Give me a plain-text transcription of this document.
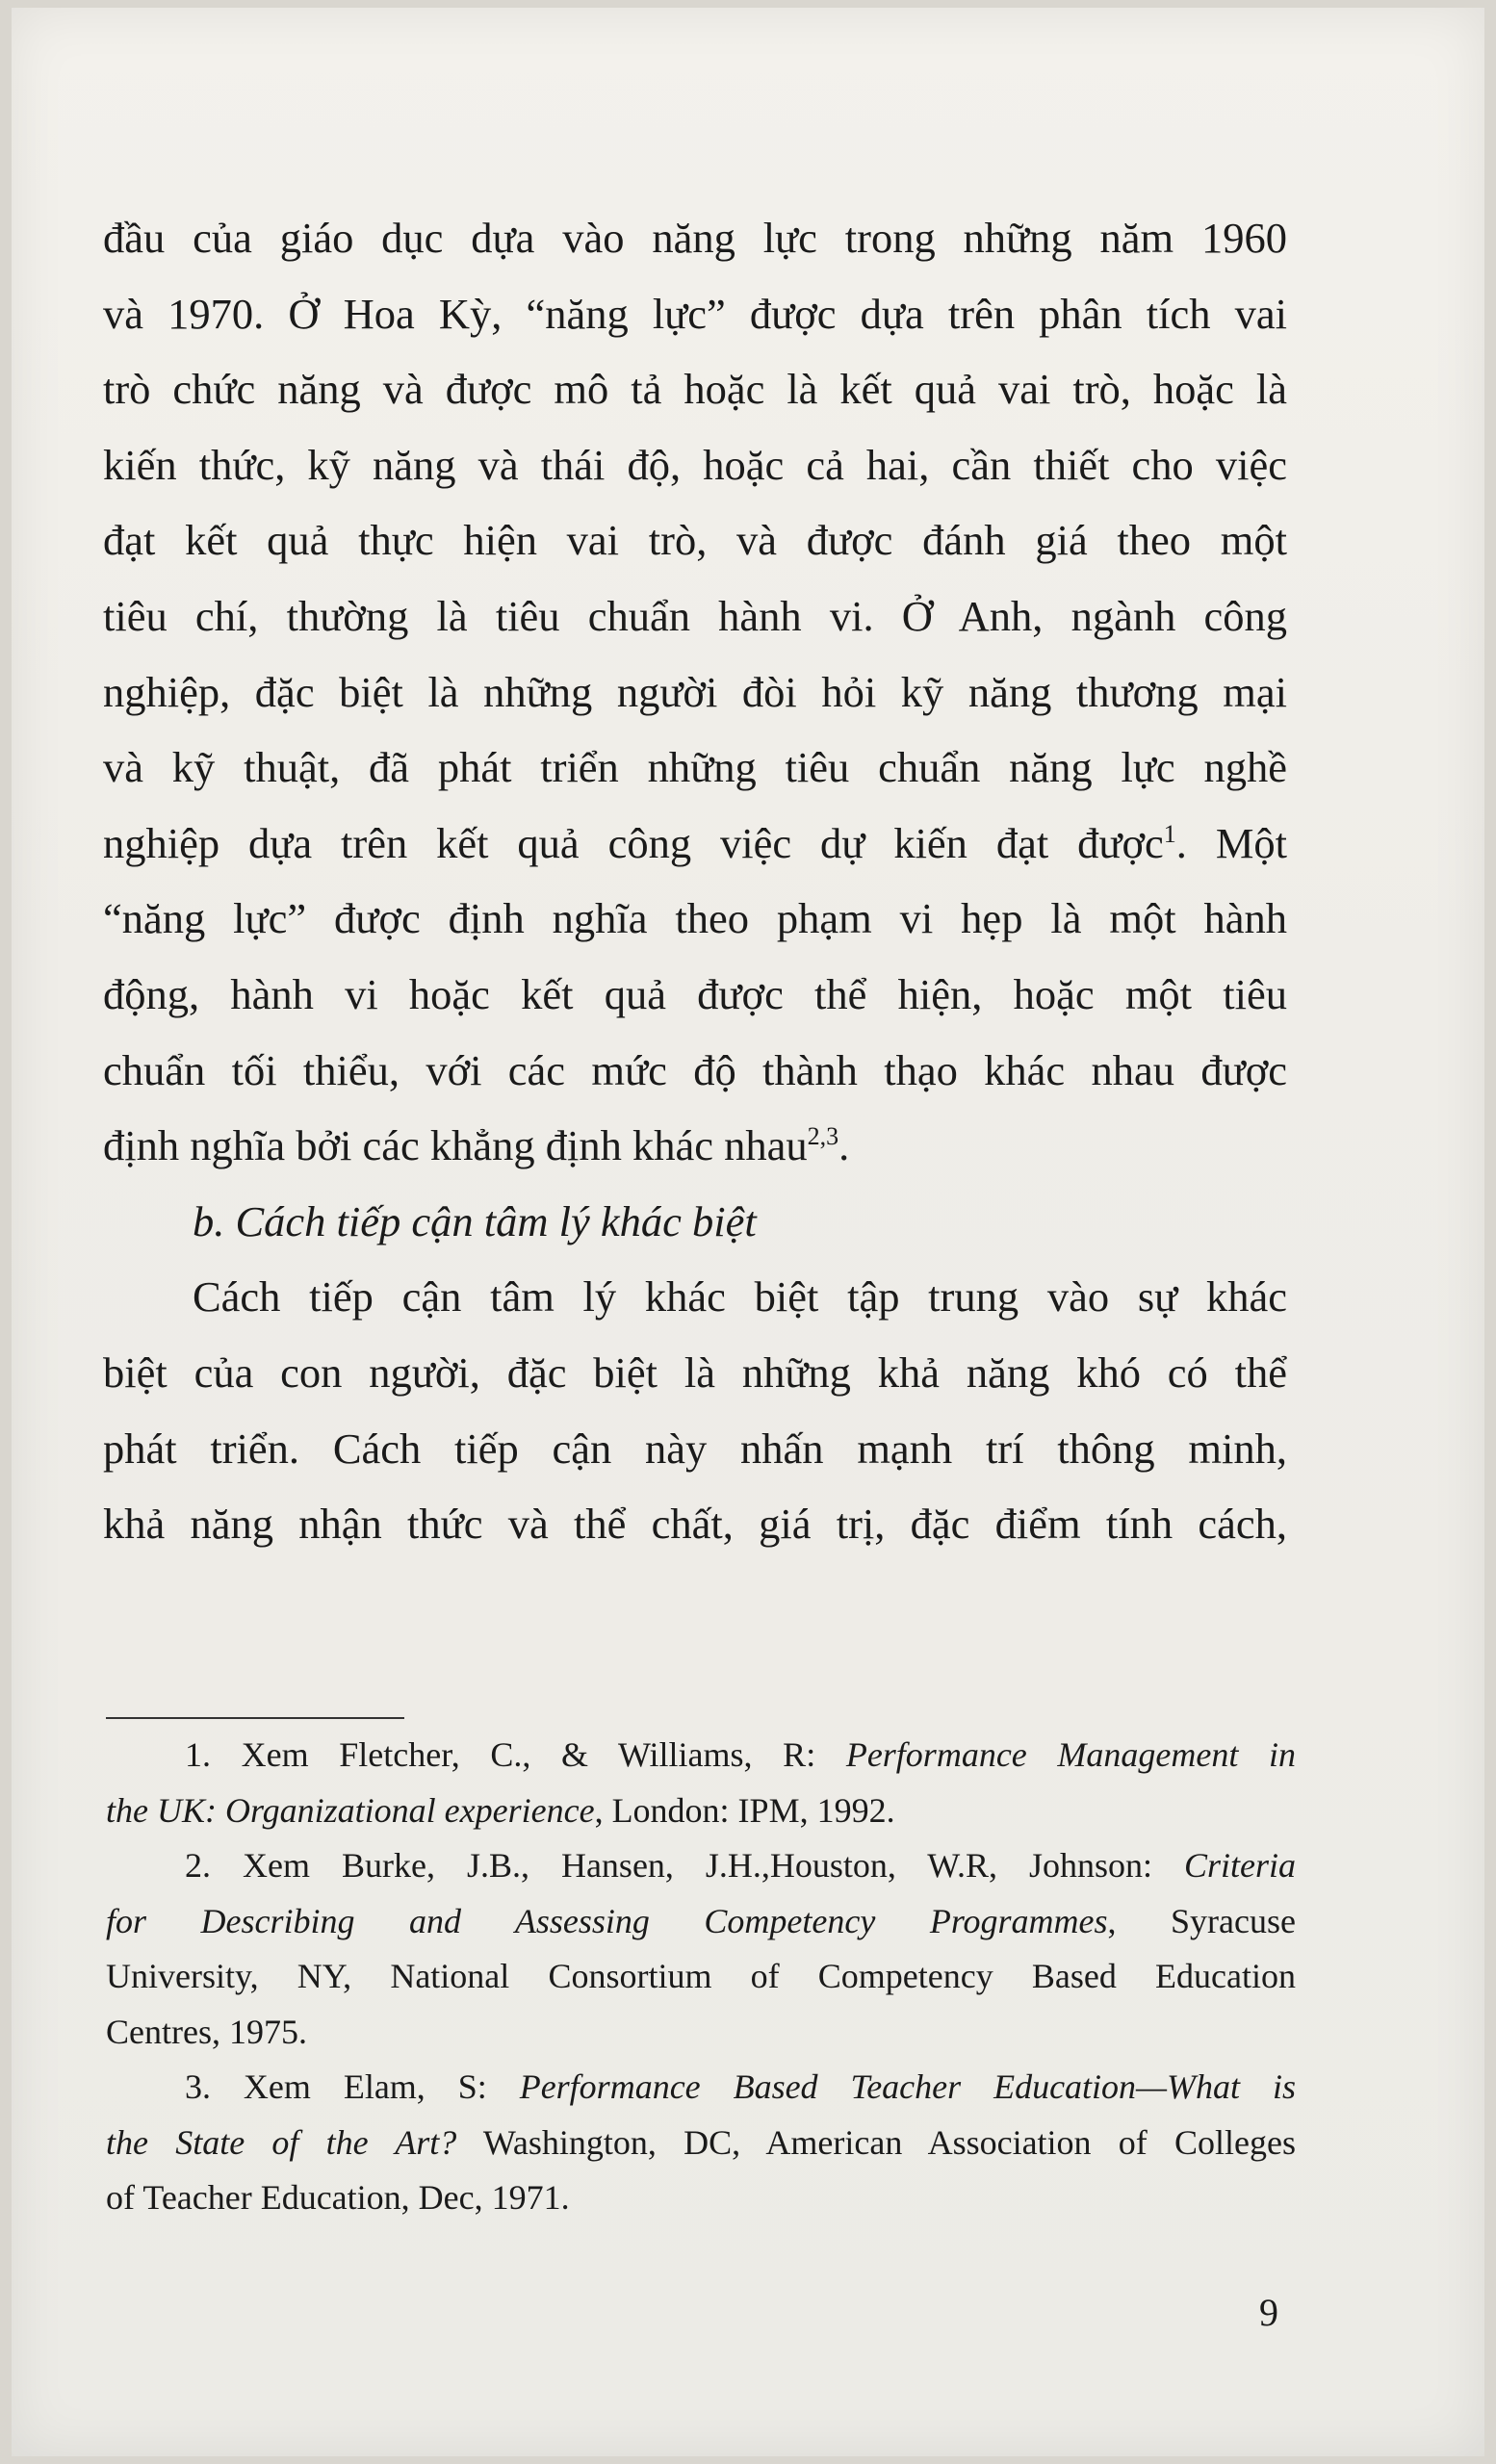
đầu của giáo dục dựa vào năng lực trong những năm 1960
và 1970. Ở Hoa Kỳ, “năng lực” được dựa trên phân tích vai
trò chức năng và được mô tả hoặc là kết quả vai trò, hoặc là
kiến thức, kỹ năng và thái độ, hoặc cả hai, cần thiết cho việc
đạt kết quả thực hiện vai trò, và được đánh giá theo một
tiêu chí, thường là tiêu chuẩn hành vi. Ở Anh, ngành công
nghiệp, đặc biệt là những người đòi hỏi kỹ năng thương mại
và kỹ thuật, đã phát triển những tiêu chuẩn năng lực nghề
nghiệp dựa trên kết quả công việc dự kiến đạt được$^1$. Một
“năng lực” được định nghĩa theo phạm vi hẹp là một hành
động, hành vi hoặc kết quả được thể hiện, hoặc một tiêu
chuẩn tối thiểu, với các mức độ thành thạo khác nhau được
định nghĩa bởi các khẳng định khác nhau$^{2,3}$.
b. Cách tiếp cận tâm lý khác biệt
Cách tiếp cận tâm lý khác biệt tập trung vào sự khác
biệt của con người, đặc biệt là những khả năng khó có thể
phát triển. Cách tiếp cận này nhấn mạnh trí thông minh,
khả năng nhận thức và thể chất, giá trị, đặc điểm tính cách,
1. Xem Fletcher, C., & Williams, R: Performance Management in
the UK: Organizational experience, London: IPM, 1992.
2. Xem Burke, J.B., Hansen, J.H.,Houston, W.R, Johnson: Criteria
for Describing and Assessing Competency Programmes, Syracuse
University, NY, National Consortium of Competency Based Education
Centres, 1975.
3. Xem Elam, S: Performance Based Teacher Education—What is
the State of the Art? Washington, DC, American Association of Colleges
of Teacher Education, Dec, 1971.
9
